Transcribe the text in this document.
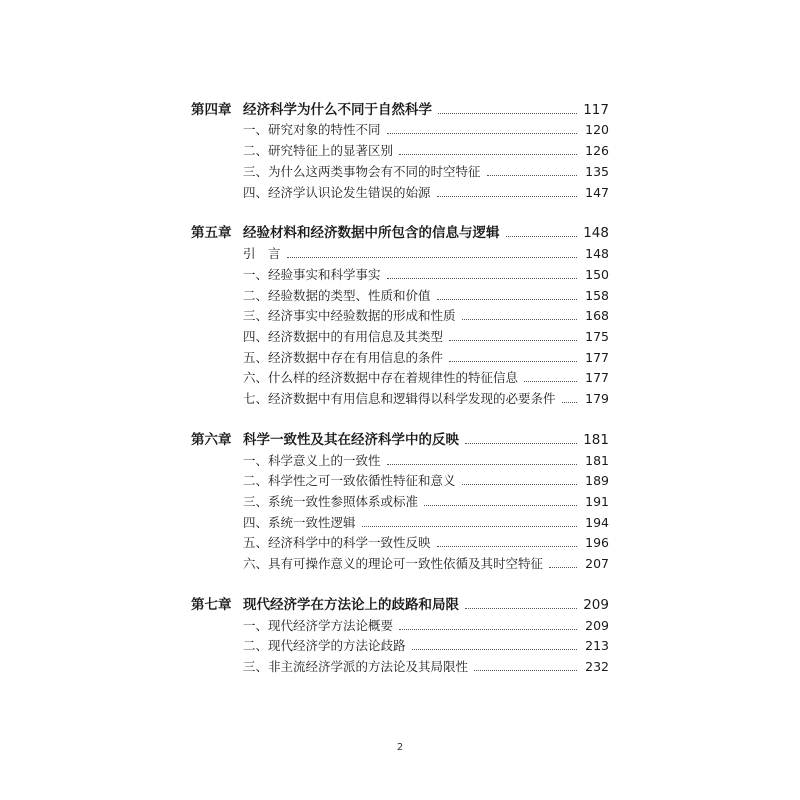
第四章 经济科学为什么不同于自然科学	117
一、研究对象的特性不同	120
二、研究特征上的显著区别	126
三、为什么这两类事物会有不同的时空特征	135
四、经济学认识论发生错误的始源	147
第五章 经验材料和经济数据中所包含的信息与逻辑	148
引　言	148
一、经验事实和科学事实	150
二、经验数据的类型、性质和价值	158
三、经济事实中经验数据的形成和性质	168
四、经济数据中的有用信息及其类型	175
五、经济数据中存在有用信息的条件	177
六、什么样的经济数据中存在着规律性的特征信息	177
七、经济数据中有用信息和逻辑得以科学发现的必要条件 179
第六章 科学一致性及其在经济科学中的反映	181
一、科学意义上的一致性	181
二、科学性之可一致依循性特征和意义	189
三、系统一致性参照体系或标准	191
四、系统一致性逻辑	194
五、经济科学中的科学一致性反映	196
六、具有可操作意义的理论可一致性依循及其时空特征	207
第七章 现代经济学在方法论上的歧路和局限	209
一、现代经济学方法论概要	209
二、现代经济学的方法论歧路	213
三、非主流经济学派的方法论及其局限性	232
2
